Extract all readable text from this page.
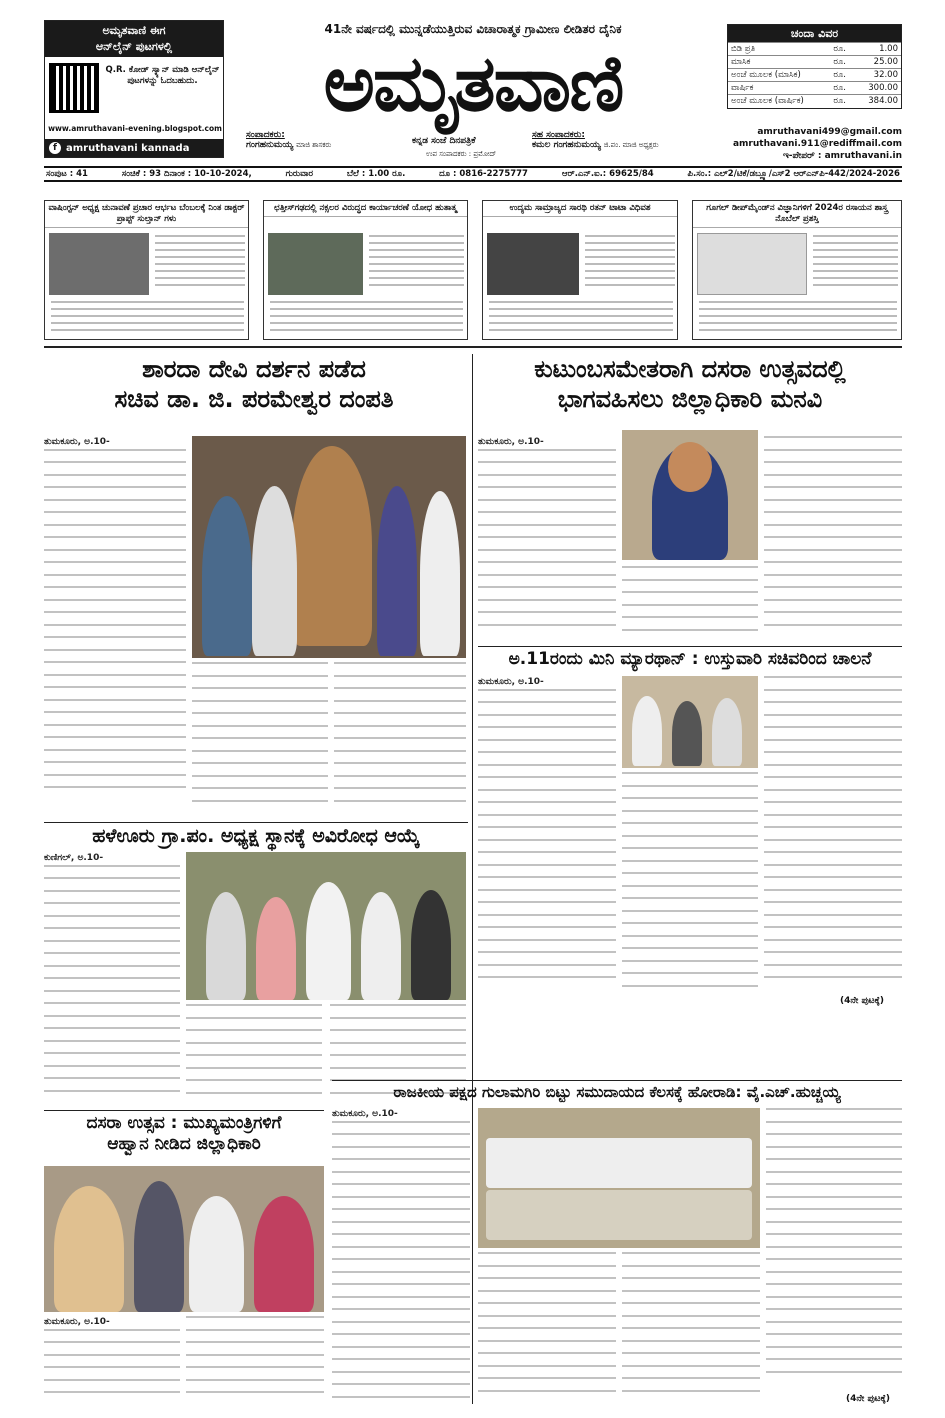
ಅಮೃತವಾಣಿ ಈಗ
ಆನ್‌ಲೈನ್ ಪುಟಗಳಲ್ಲಿ
Q.R. ಕೋಡ್ ಸ್ಕ್ಯಾನ್ ಮಾಡಿ ಆನ್‌ಲೈನ್ ಪುಟಗಳನ್ನು ಓದಬಹುದು.
www.amruthavani-evening.blogspot.com
f amruthavani kannada
41ನೇ ವರ್ಷದಲ್ಲಿ ಮುನ್ನಡೆಯುತ್ತಿರುವ ವಿಚಾರಾತ್ಮಕ ಗ್ರಾಮೀಣ ಲೀಡಿತರ ದೈನಿಕ
ಅಮೃತವಾಣಿ
ಸಂಪಾದಕರು:
ಗಂಗಹನುಮಯ್ಯ ಮಾಜಿ ಶಾಸಕರು	ಕನ್ನಡ ಸಂಜೆ ದಿನಪತ್ರಿಕೆ
ಉಪ ಸಂಪಾದಕರು : ಪ್ರಮೋದ್
ಸಹ ಸಂಪಾದಕರು:
ಕಮಲ ಗಂಗಹನುಮಯ್ಯ ಜಿ.ಪಂ. ಮಾಜಿ ಅಧ್ಯಕ್ಷರು
ಚಂದಾ ವಿವರ
ಬಿಡಿ ಪ್ರತಿ	ರೂ.	1.00
ಮಾಸಿಕ	ರೂ.	25.00
ಅಂಚೆ ಮೂಲಕ (ಮಾಸಿಕ)	ರೂ.	32.00
ವಾರ್ಷಿಕ	ರೂ.	300.00
ಅಂಚೆ ಮೂಲಕ (ವಾರ್ಷಿಕ)	ರೂ.	384.00
amruthavani499@gmail.com
amruthavani.911@rediffmail.com
ಇ-ಪೇಪರ್ : amruthavani.in
ಸಂಪುಟ : 41	ಸಂಚಿಕೆ : 93 ದಿನಾಂಕ : 10-10-2024,	ಗುರುವಾರ	ಬೆಲೆ : 1.00 ರೂ.	ದೂ : 0816-2275777	ಆರ್.ಎನ್.ಐ.: 69625/84	ಪಿ.ಸಂ.: ಎಲ್2/ಟಿಕೆ/ಡಬ್ಲ್ಯೂ/ಎಸ್2 ಆರ್‌ಎನ್‌ಪಿ-442/2024-2026
ವಾಷಿಂಗ್ಟನ್ ಅಧ್ಯಕ್ಷ ಚುನಾವಣೆ ಪ್ರಚಾರ ಆರ್ಭಟ ಬೆಂಬಲಕ್ಕೆ ನಿಂತ ಡಾಕ್ಟರ್ ಪ್ರಾಪ್ಟ್ ಸುಲ್ತಾನ್ ಗಳು
ಛತ್ತೀಸ್‌ಗಢದಲ್ಲಿ ನಕ್ಸಲರ ವಿರುದ್ಧದ ಕಾರ್ಯಾಚರಣೆ ಯೋಧ ಹುತಾತ್ಮ	ಉದ್ಯಮ ಸಾಮ್ರಾಜ್ಯದ ಸಾರಥಿ ರತನ್ ಟಾಟಾ ವಿಧಿವಶ	ಗೂಗಲ್ ಡೀಪ್‌ಮೈಂಡ್‌ನ ವಿಜ್ಞಾನಿಗಳಿಗೆ 2024ರ ರಸಾಯನ ಶಾಸ್ತ್ರ ನೊಬೆಲ್ ಪ್ರಶಸ್ತಿ
ಶಾರದಾ ದೇವಿ ದರ್ಶನ ಪಡೆದ
ಸಚಿವ ಡಾ. ಜಿ. ಪರಮೇಶ್ವರ ದಂಪತಿ
ತುಮಕೂರು, ಅ.10-
ಕುಟುಂಬಸಮೇತರಾಗಿ ದಸರಾ ಉತ್ಸವದಲ್ಲಿ
ಭಾಗವಹಿಸಲು ಜಿಲ್ಲಾಧಿಕಾರಿ ಮನವಿ
ತುಮಕೂರು, ಅ.10-
ಅ.11ರಂದು ಮಿನಿ ಮ್ಯಾರಥಾನ್ : ಉಸ್ತುವಾರಿ ಸಚಿವರಿಂದ ಚಾಲನೆ
ತುಮಕೂರು, ಅ.10-
(4ನೇ ಪುಟಕ್ಕೆ)
ಹಳೆಊರು ಗ್ರಾ.ಪಂ. ಅಧ್ಯಕ್ಷ ಸ್ಥಾನಕ್ಕೆ ಅವಿರೋಧ ಆಯ್ಕೆ
ಕುಣಿಗಲ್, ಅ.10-
ದಸರಾ ಉತ್ಸವ : ಮುಖ್ಯಮಂತ್ರಿಗಳಿಗೆ
ಆಹ್ವಾನ ನೀಡಿದ ಜಿಲ್ಲಾಧಿಕಾರಿ
ತುಮಕೂರು, ಅ.10-
ರಾಜಕೀಯ ಪಕ್ಷದ ಗುಲಾಮಗಿರಿ ಬಿಟ್ಟು ಸಮುದಾಯದ ಕೆಲಸಕ್ಕೆ ಹೋರಾಡಿ: ವೈ.ಎಚ್.ಹುಚ್ಚಯ್ಯ
ತುಮಕೂರು, ಅ.10-
(4ನೇ ಪುಟಕ್ಕೆ)
